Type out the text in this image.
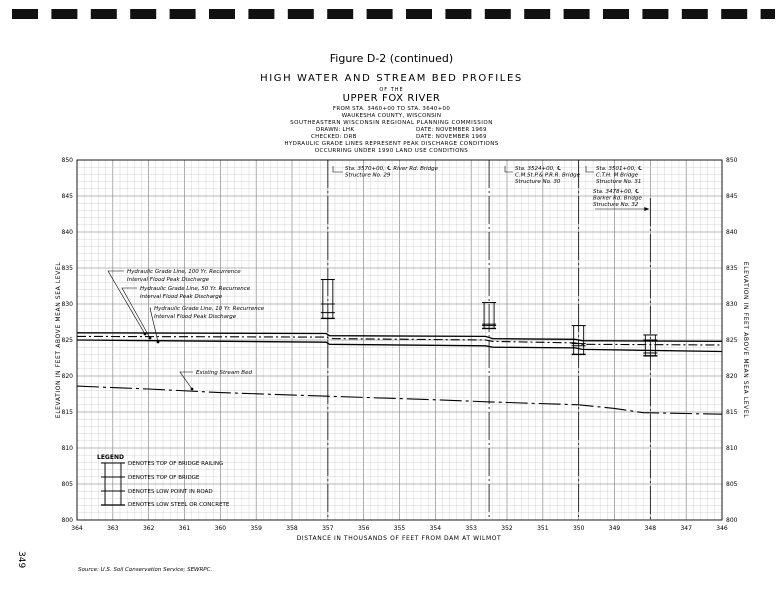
Figure D-2 (continued)
HIGH WATER AND STREAM BED PROFILES
OF THE
UPPER FOX RIVER
FROM STA. 3460+00 TO STA. 3640+00
WAUKESHA COUNTY, WISCONSIN
SOUTHEASTERN WISCONSIN REGIONAL PLANNING COMMISSION
DRAWN: LHK	DATE: NOVEMBER 1969
CHECKED: DRB	DATE: NOVEMBER 1969
HYDRAULIC GRADE LINES REPRESENT PEAK DISCHARGE CONDITIONS
OCCURRING UNDER 1990 LAND USE CONDITIONS
364	363	362	361	360	359	358	357	356	355	354	353	352	351	350	349	348	347	346
850	850
845	845
840	840
835	835
830	830
825	825
820	820
815	815
810	810
805	805
800	800
DISTANCE IN THOUSANDS OF FEET FROM DAM AT WILMOT
ELEVATION IN FEET ABOVE MEAN SEA LEVEL	ELEVATION IN FEET ABOVE MEAN SEA LEVEL
Sta. 3570+00, ℄ River Rd. Bridge
Structure No. 29
Sta. 3524+00, ℄
C.M.St.P.& P.R.R. Bridge
Structure No. 30
Sta. 3501+00, ℄
C.T.H. M Bridge
Structure No. 31
Sta. 3478+00, ℄
Barker Rd. Bridge
Structure No. 32
Hydraulic Grade Line, 100 Yr. Recurrence
Interval Flood Peak Discharge
Hydraulic Grade Line, 50 Yr. Recurrence
Interval Flood Peak Discharge
Hydraulic Grade Line, 10 Yr. Recurrence
Interval Flood Peak Discharge
Existing Stream Bed
LEGEND
DENOTES TOP OF BRIDGE RAILING
DENOTES TOP OF BRIDGE
DENOTES LOW POINT IN ROAD
DENOTES LOW STEEL OR CONCRETE
349
Source: U.S. Soil Conservation Service; SEWRPC.
